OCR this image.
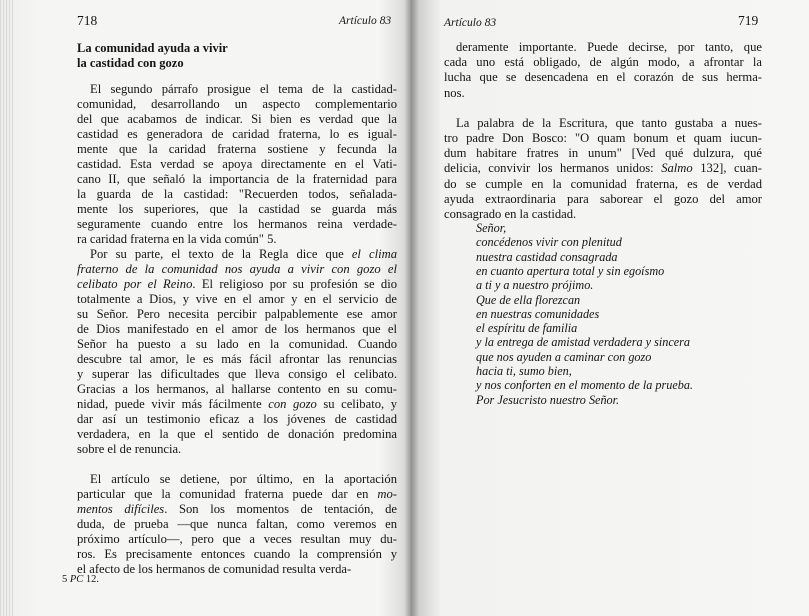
718	Artículo 83
La comunidad ayuda a vivir
la castidad con gozo
El segundo párrafo prosigue el tema de la castidad-
comunidad, desarrollando un aspecto complementario
del que acabamos de indicar. Si bien es verdad que la
castidad es generadora de caridad fraterna, lo es igual-
mente que la caridad fraterna sostiene y fecunda la
castidad. Esta verdad se apoya directamente en el Vati-
cano II, que señaló la importancia de la fraternidad para
la guarda de la castidad: "Recuerden todos, señalada-
mente los superiores, que la castidad se guarda más
seguramente cuando entre los hermanos reina verdade-
ra caridad fraterna en la vida común" 5.
Por su parte, el texto de la Regla dice que el clima
fraterno de la comunidad nos ayuda a vivir con gozo el
celibato por el Reino. El religioso por su profesión se dio
totalmente a Dios, y vive en el amor y en el servicio de
su Señor. Pero necesita percibir palpablemente ese amor
de Dios manifestado en el amor de los hermanos que el
Señor ha puesto a su lado en la comunidad. Cuando
descubre tal amor, le es más fácil afrontar las renuncias
y superar las dificultades que lleva consigo el celibato.
Gracias a los hermanos, al hallarse contento en su comu-
nidad, puede vivir más fácilmente con gozo su celibato, y
dar así un testimonio eficaz a los jóvenes de castidad
verdadera, en la que el sentido de donación predomina
sobre el de renuncia.
El artículo se detiene, por último, en la aportación
particular que la comunidad fraterna puede dar en mo-
mentos difíciles. Son los momentos de tentación, de
duda, de prueba —que nunca faltan, como veremos en
próximo artículo—, pero que a veces resultan muy du-
ros. Es precisamente entonces cuando la comprensión y
el afecto de los hermanos de comunidad resulta verda-
5 PC 12.
Artículo 83	719
deramente importante. Puede decirse, por tanto, que
cada uno está obligado, de algún modo, a afrontar la
lucha que se desencadena en el corazón de sus herma-
nos.
La palabra de la Escritura, que tanto gustaba a nues-
tro padre Don Bosco: "O quam bonum et quam iucun-
dum habitare fratres in unum" [Ved qué dulzura, qué
delicia, convivir los hermanos unidos: Salmo 132], cuan-
do se cumple en la comunidad fraterna, es de verdad
ayuda extraordinaria para saborear el gozo del amor
consagrado en la castidad.
Señor,
concédenos vivir con plenitud
nuestra castidad consagrada
en cuanto apertura total y sin egoísmo
a ti y a nuestro prójimo.
Que de ella florezcan
en nuestras comunidades
el espíritu de familia
y la entrega de amistad verdadera y sincera
que nos ayuden a caminar con gozo
hacia ti, sumo bien,
y nos conforten en el momento de la prueba.
Por Jesucristo nuestro Señor.
